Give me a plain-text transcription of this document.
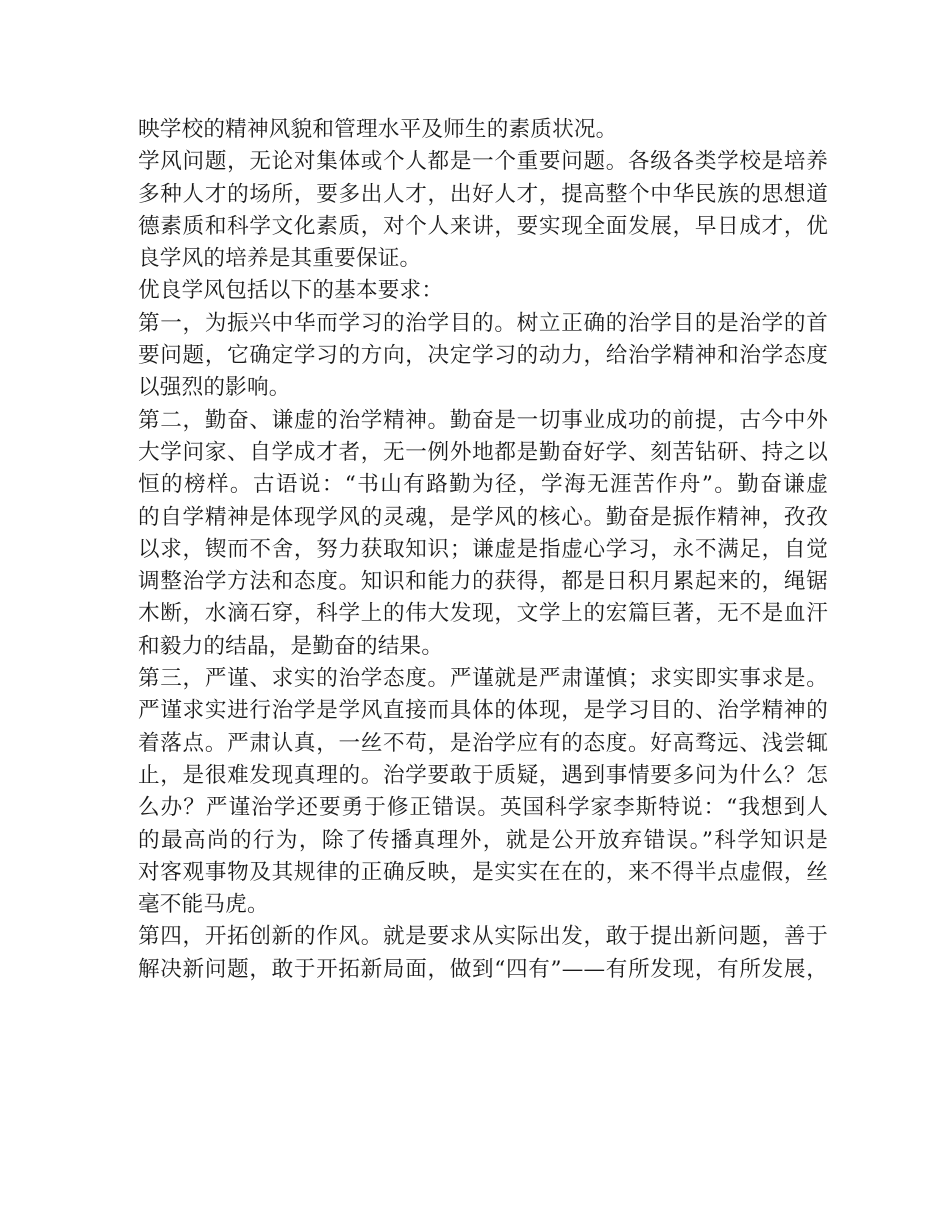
映学校的精神风貌和管理水平及师生的素质状况。
学风问题，无论对集体或个人都是一个重要问题。各级各类学校是培养
多种人才的场所，要多出人才，出好人才，提高整个中华民族的思想道
德素质和科学文化素质，对个人来讲，要实现全面发展，早日成才，优
良学风的培养是其重要保证。
优良学风包括以下的基本要求：
第一，为振兴中华而学习的治学目的。树立正确的治学目的是治学的首
要问题，它确定学习的方向，决定学习的动力，给治学精神和治学态度
以强烈的影响。
第二，勤奋、谦虚的治学精神。勤奋是一切事业成功的前提，古今中外
大学问家、自学成才者，无一例外地都是勤奋好学、刻苦钻研、持之以
恒的榜样。古语说：“书山有路勤为径，学海无涯苦作舟”。勤奋谦虚
的自学精神是体现学风的灵魂，是学风的核心。勤奋是振作精神，孜孜
以求，锲而不舍，努力获取知识；谦虚是指虚心学习，永不满足，自觉
调整治学方法和态度。知识和能力的获得，都是日积月累起来的，绳锯
木断，水滴石穿，科学上的伟大发现，文学上的宏篇巨著，无不是血汗
和毅力的结晶，是勤奋的结果。
第三，严谨、求实的治学态度。严谨就是严肃谨慎；求实即实事求是。
严谨求实进行治学是学风直接而具体的体现，是学习目的、治学精神的
着落点。严肃认真，一丝不苟，是治学应有的态度。好高骛远、浅尝辄
止，是很难发现真理的。治学要敢于质疑，遇到事情要多问为什么？怎
么办？严谨治学还要勇于修正错误。英国科学家李斯特说：“我想到人
的最高尚的行为，除了传播真理外，就是公开放弃错误。”科学知识是
对客观事物及其规律的正确反映，是实实在在的，来不得半点虚假，丝
毫不能马虎。
第四，开拓创新的作风。就是要求从实际出发，敢于提出新问题，善于
解决新问题，敢于开拓新局面，做到“四有”——有所发现，有所发展，
